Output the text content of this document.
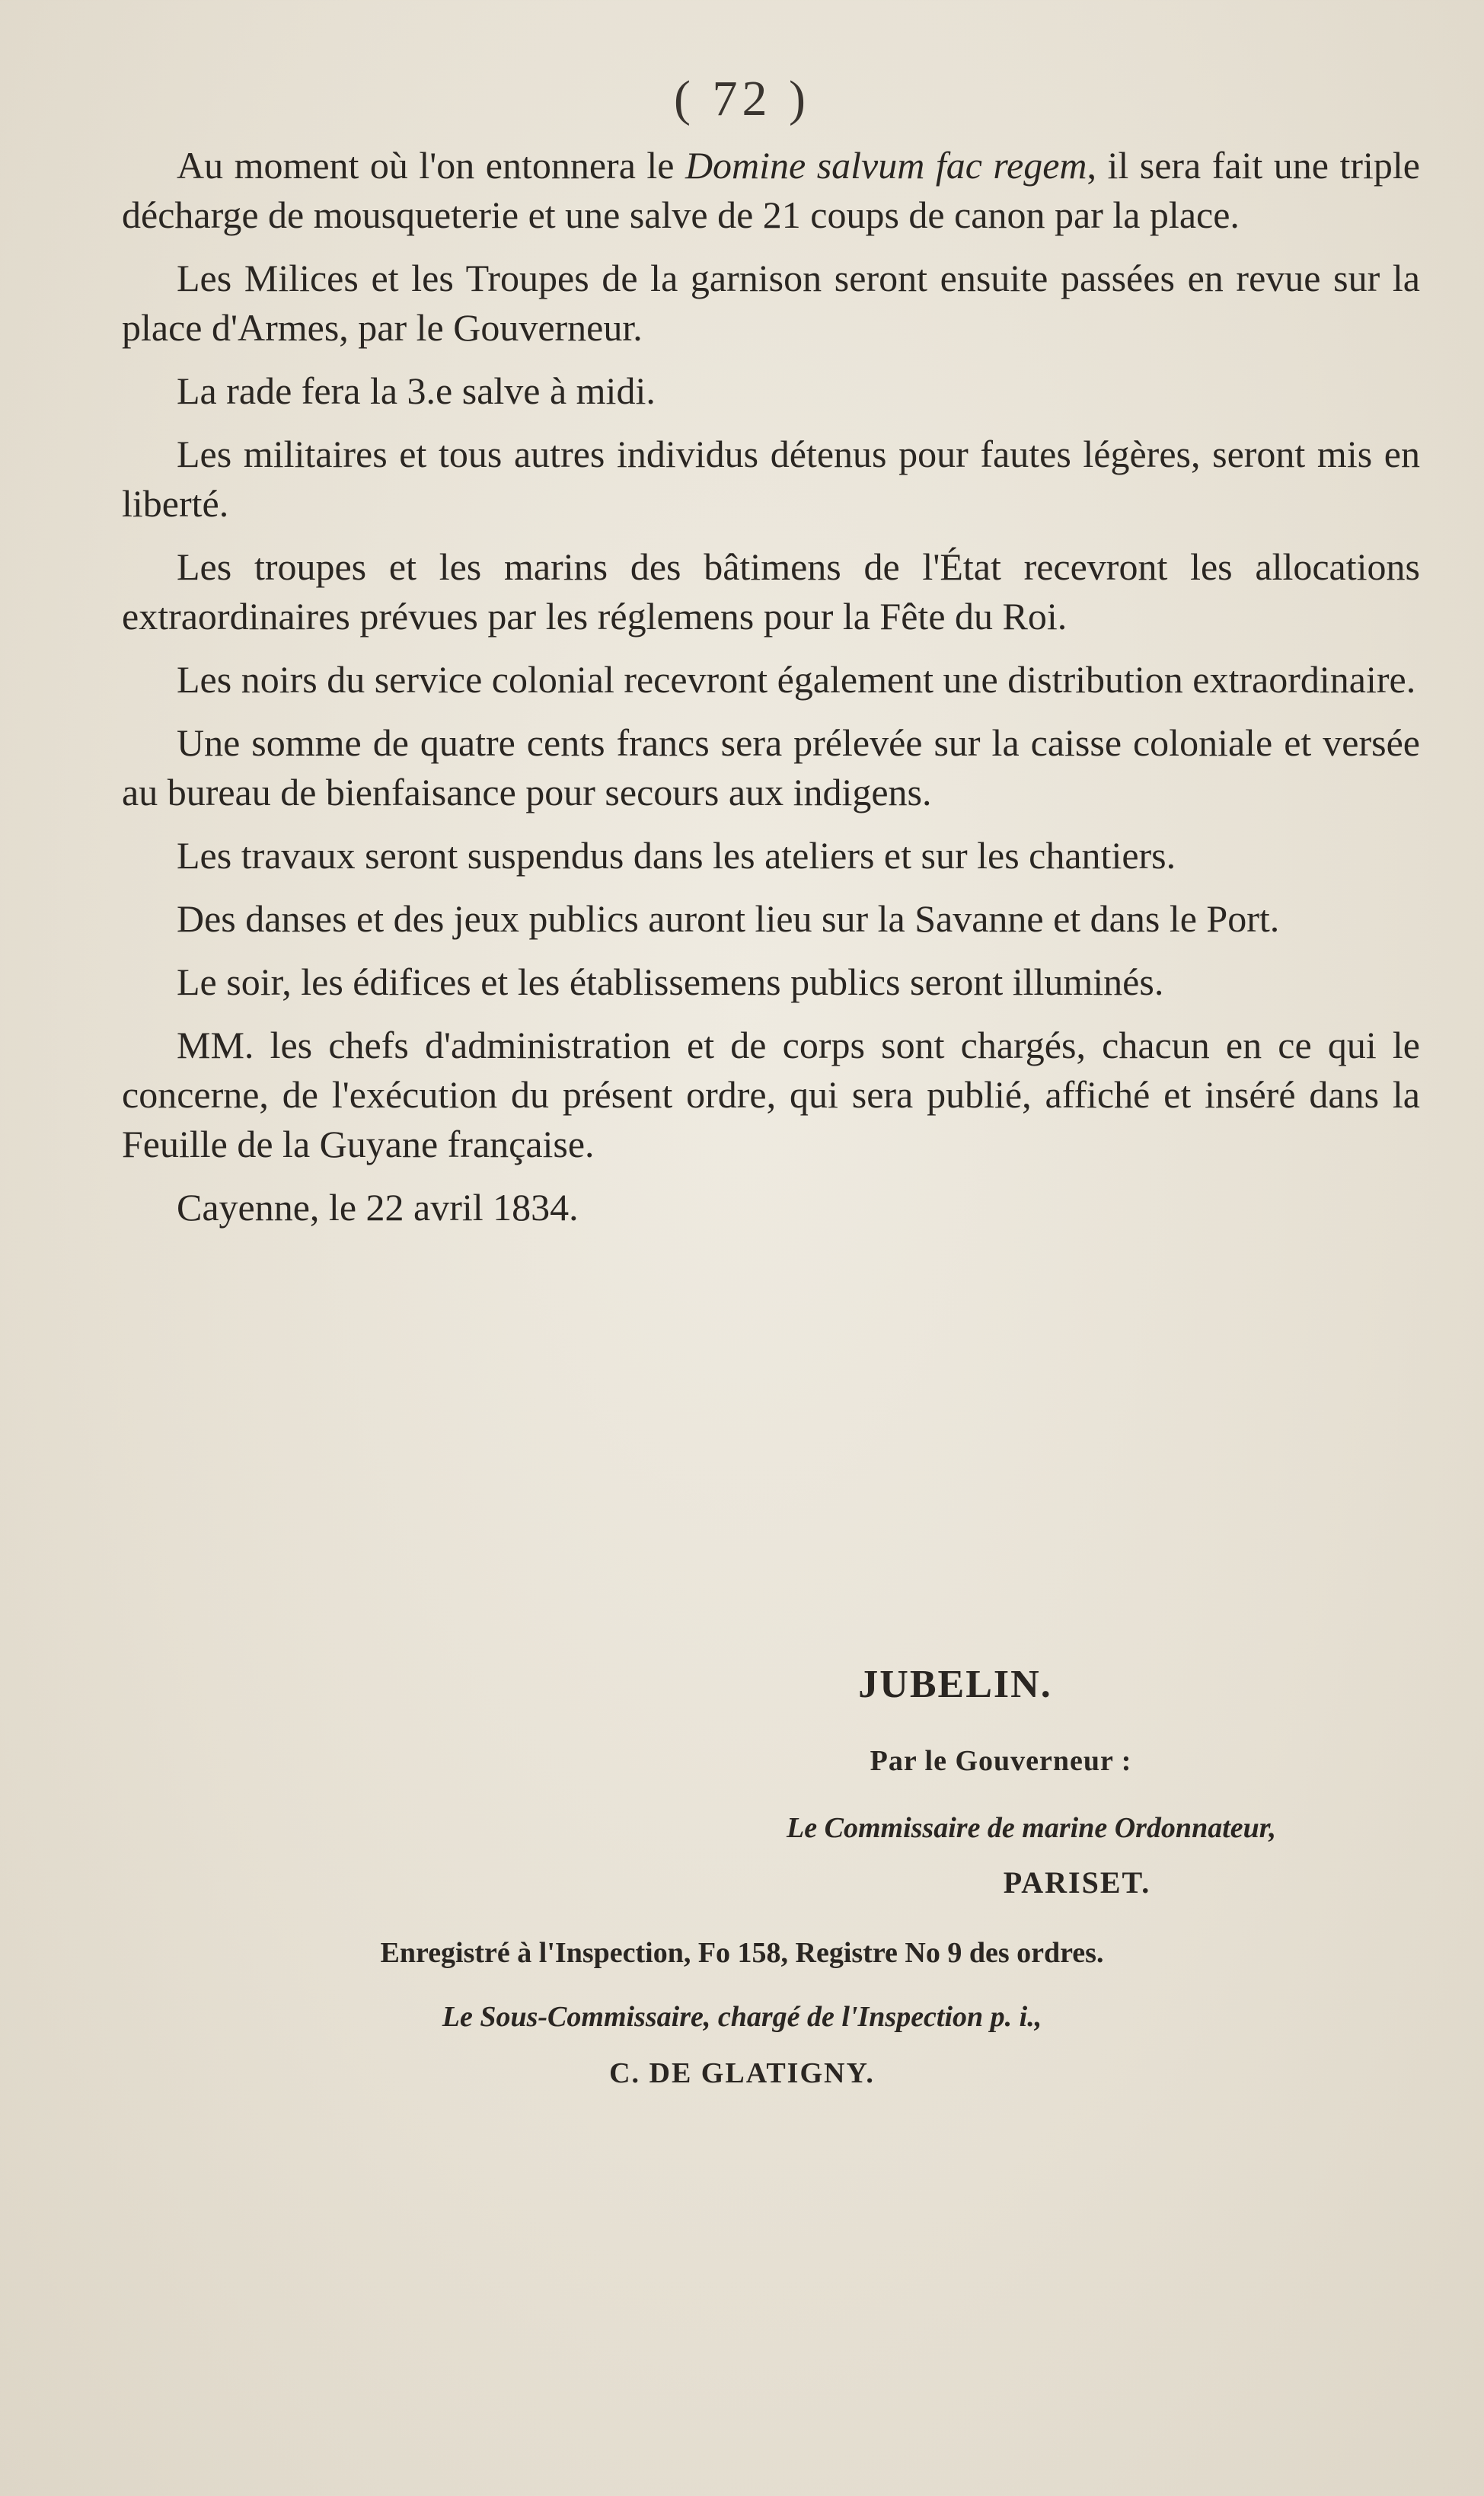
( 72 )

Au moment où l'on entonnera le Domine salvum fac regem, il sera fait une triple décharge de mousqueterie et une salve de 21 coups de canon par la place.

Les Milices et les Troupes de la garnison seront ensuite passées en revue sur la place d'Armes, par le Gouverneur.

La rade fera la 3.e salve à midi.

Les militaires et tous autres individus détenus pour fautes légères, seront mis en liberté.

Les troupes et les marins des bâtimens de l'État recevront les allocations extraordinaires prévues par les réglemens pour la Fête du Roi.

Les noirs du service colonial recevront également une distribution extraordinaire.

Une somme de quatre cents francs sera prélevée sur la caisse coloniale et versée au bureau de bienfaisance pour secours aux indigens.

Les travaux seront suspendus dans les ateliers et sur les chantiers.

Des danses et des jeux publics auront lieu sur la Savanne et dans le Port.

Le soir, les édifices et les établissemens publics seront illuminés.

MM. les chefs d'administration et de corps sont chargés, chacun en ce qui le concerne, de l'exécution du présent ordre, qui sera publié, affiché et inséré dans la Feuille de la Guyane française.

Cayenne, le 22 avril 1834.

JUBELIN.
Par le Gouverneur :
Le Commissaire de marine Ordonnateur,
PARISET.
Enregistré à l'Inspection, Fo 158, Registre No 9 des ordres.
Le Sous-Commissaire, chargé de l'Inspection p. i.,
C. DE GLATIGNY.
